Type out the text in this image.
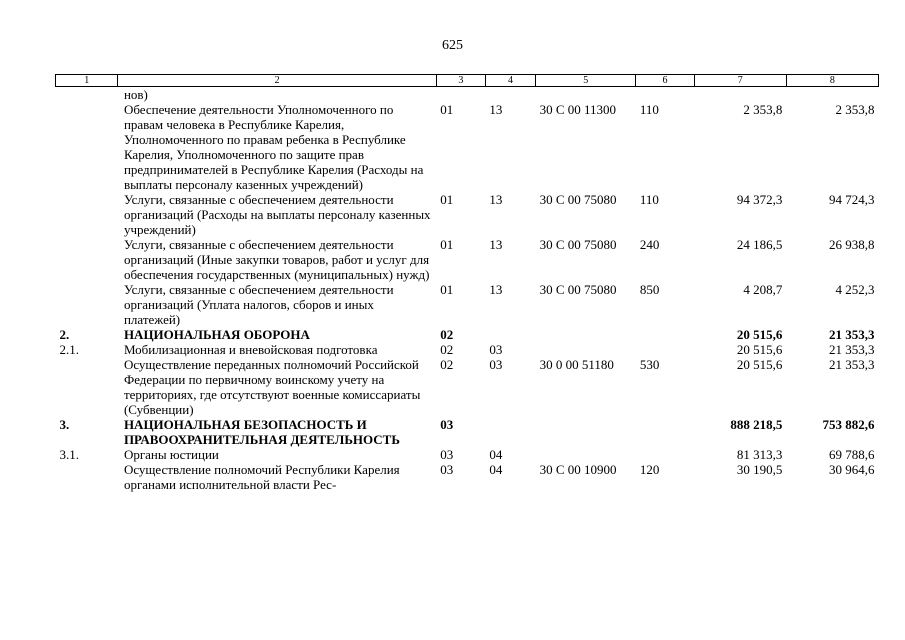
625
1	2	3	4	5	6	7	8
	нов)						
	Обеспечение деятельности Уполномоченного по правам человека в Республике Карелия, Уполномоченного по правам ребенка в Республике Карелия, Уполномоченного по защите прав предпринимателей в Республике Карелия (Расходы на выплаты персоналу казенных учреждений)	01	13	30 С 00 11300	110	2 353,8	2 353,8
	Услуги, связанные с обеспечением деятельности организаций (Расходы на выплаты персоналу казенных учреждений)	01	13	30 С 00 75080	110	94 372,3	94 724,3
	Услуги, связанные с обеспечением деятельности организаций (Иные закупки товаров, работ и услуг для обеспечения государственных (муниципальных) нужд)	01	13	30 С 00 75080	240	24 186,5	26 938,8
	Услуги, связанные с обеспечением деятельности организаций (Уплата налогов, сборов и иных платежей)	01	13	30 С 00 75080	850	4 208,7	4 252,3
2.	НАЦИОНАЛЬНАЯ ОБОРОНА	02				20 515,6	21 353,3
2.1.	Мобилизационная и вневойсковая подготовка	02	03			20 515,6	21 353,3
	Осуществление переданных полномочий Российской Федерации по первичному воинскому учету на территориях, где отсутствуют военные комиссариаты (Субвенции)	02	03	30 0 00 51180	530	20 515,6	21 353,3
3.	НАЦИОНАЛЬНАЯ БЕЗОПАСНОСТЬ И ПРАВООХРАНИТЕЛЬНАЯ ДЕЯТЕЛЬНОСТЬ	03				888 218,5	753 882,6
3.1.	Органы юстиции	03	04			81 313,3	69 788,6
	Осуществление полномочий Республики Карелия органами исполнительной власти Рес-	03	04	30 С 00 10900	120	30 190,5	30 964,6
